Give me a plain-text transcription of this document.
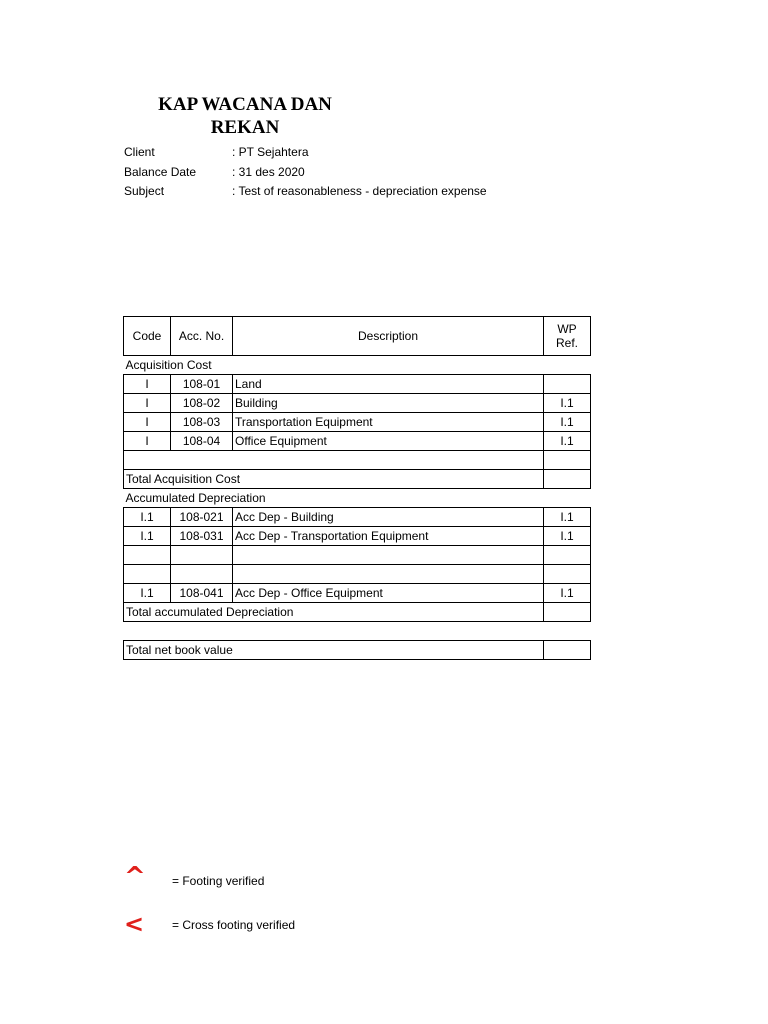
KAP WACANA DAN REKAN
Client	: PT Sejahtera
Balance Date	: 31 des 2020
Subject	: Test of reasonableness - depreciation expense
Code	Acc. No.	Description	WP Ref.
Acquisition Cost			
I	108-01	Land	
I	108-02	Building	I.1
I	108-03	Transportation Equipment	I.1
I	108-04	Office Equipment	I.1

Total Acquisition Cost			
Accumulated Depreciation			
I.1	108-021	Acc Dep - Building	I.1
I.1	108-031	Acc Dep - Transportation Equipment	I.1

I.1	108-041	Acc Dep - Office Equipment	I.1
Total accumulated Depreciation			

Total net book value			
^ = Footing verified
< = Cross footing verified
